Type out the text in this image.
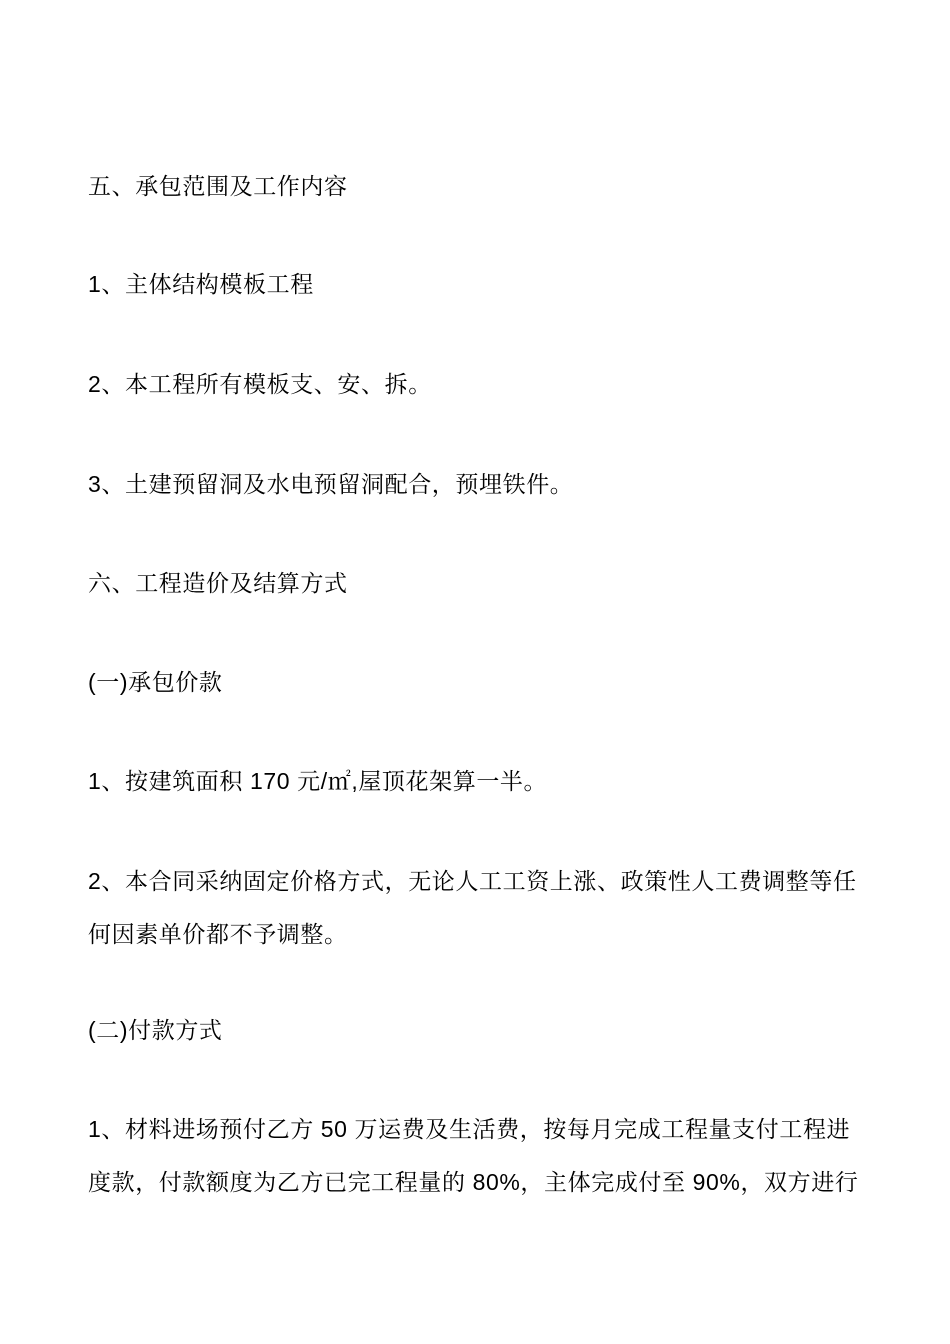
五、承包范围及工作内容

1、主体结构模板工程

2、本工程所有模板支、安、拆。

3、土建预留洞及水电预留洞配合，预埋铁件。

六、工程造价及结算方式

(一)承包价款

1、按建筑面积 170 元/㎡,屋顶花架算一半。

2、本合同采纳固定价格方式，无论人工工资上涨、政策性人工费调整等任何因素单价都不予调整。

(二)付款方式

1、材料进场预付乙方 50 万运费及生活费，按每月完成工程量支付工程进度款，付款额度为乙方已完工程量的 80%，主体完成付至 90%，双方进行
